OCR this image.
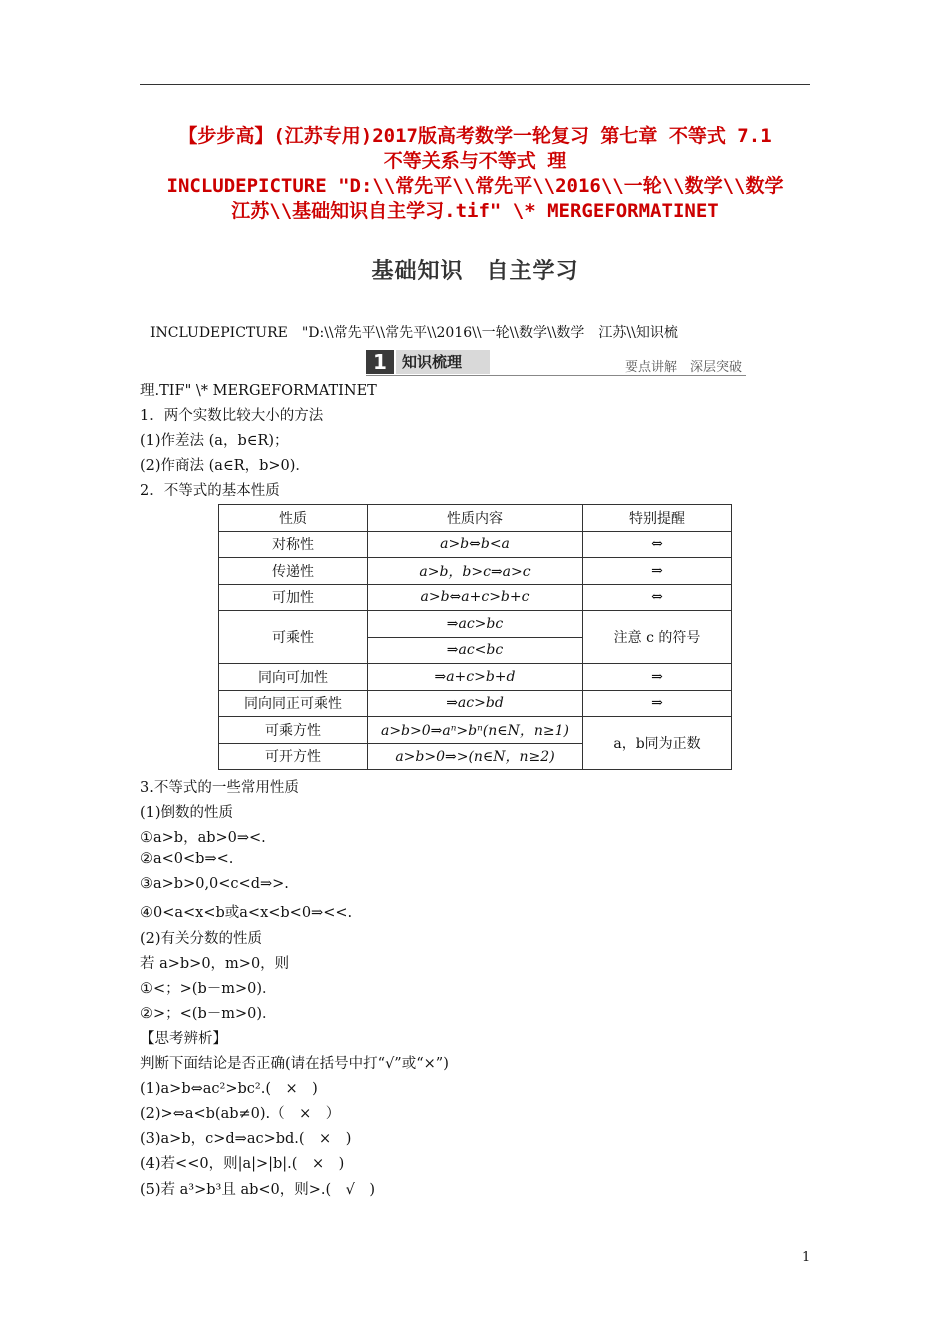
【步步高】(江苏专用)2017版高考数学一轮复习 第七章 不等式 7.1
不等关系与不等式 理
INCLUDEPICTURE "D:\\常先平\\常先平\\2016\\一轮\\数学\\数学
江苏\\基础知识自主学习.tif" \* MERGEFORMATINET
基础知识　自主学习
INCLUDEPICTURE　"D:\\常先平\\常先平\\2016\\一轮\\数学\\数学　江苏\\知识梳
1	知识梳理	要点讲解　深层突破
理.TIF" \* MERGEFORMATINET
1．两个实数比较大小的方法
(1)作差法 (a，b∈R)；
(2)作商法 (a∈R，b>0)．
2．不等式的基本性质
性质	性质内容	特别提醒
对称性	a>b⇔b<a	⇔
传递性	a>b，b>c⇒a>c	⇒
可加性	a>b⇔a+c>b+c	⇔
可乘性	⇒ac>bc	注意 c 的符号
	⇒ac<bc	
同向可加性	⇒a+c>b+d	⇒
同向同正可乘性	⇒ac>bd	⇒
可乘方性	a>b>0⇒aⁿ>bⁿ(n∈N，n≥1)	a，b同为正数
可开方性	a>b>0⇒>(n∈N，n≥2)	
3.不等式的一些常用性质
(1)倒数的性质
①a>b，ab>0⇒<.
②a<0<b⇒<.
③a>b>0,0<c<d⇒>.
④0<a<x<b或a<x<b<0⇒<<.
(2)有关分数的性质
若 a>b>0，m>0，则
①<；>(b－m>0)．
②>；<(b－m>0)．
【思考辨析】
判断下面结论是否正确(请在括号中打“√”或“×”)
(1)a>b⇔ac²>bc².(　×　)
(2)>⇔a<b(ab≠0).（　×　）
(3)a>b，c>d⇒ac>bd.(　×　)
(4)若<<0，则|a|>|b|.(　×　)
(5)若 a³>b³且 ab<0，则>.(　√　)
1
